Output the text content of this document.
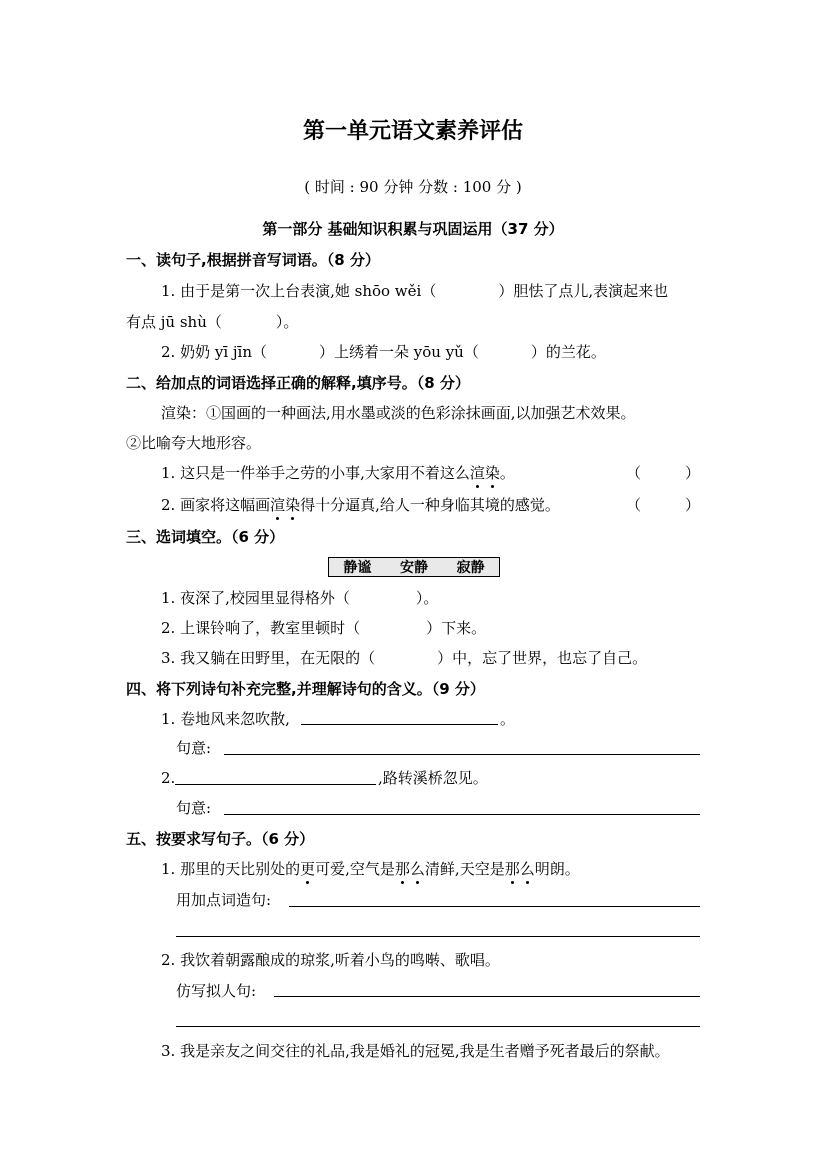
第一单元语文素养评估
( 时间 : 90 分钟 分数 : 100 分 )
第一部分 基础知识积累与巩固运用（37 分）
一、读句子,根据拼音写词语。（8 分）
1. 由于是第一次上台表演,她 shōo wěi（	）胆怯了点儿,表演起来也
有点 jū shù（	）。
2. 奶奶 yī jīn（	）上绣着一朵 yōu yǔ（	）的兰花。
二、给加点的词语选择正确的解释,填序号。（8 分）
渲染：①国画的一种画法,用水墨或淡的色彩涂抹画面,以加强艺术效果。
②比喻夸大地形容。
1. 这只是一件举手之劳的小事,大家用不着这么渲染。	（	）
2. 画家将这幅画渲染得十分逼真,给人一种身临其境的感觉。	（	）
三、选词填空。（6 分）
静谧 安静 寂静
1. 夜深了,校园里显得格外（	）。
2. 上课铃响了，教室里顿时（	）下来。
3. 我又躺在田野里，在无限的（	）中，忘了世界，也忘了自己。
四、将下列诗句补充完整,并理解诗句的含义。（9 分）
1. 卷地风来忽吹散,	。
句意:
2.	,路转溪桥忽见。
句意:
五、按要求写句子。（6 分）
1. 那里的天比别处的更可爱,空气是那么清鲜,天空是那么明朗。
用加点词造句:
2. 我饮着朝露酿成的琼浆,听着小鸟的鸣啭、歌唱。
仿写拟人句:
3. 我是亲友之间交往的礼品,我是婚礼的冠冕,我是生者赠予死者最后的祭献。
